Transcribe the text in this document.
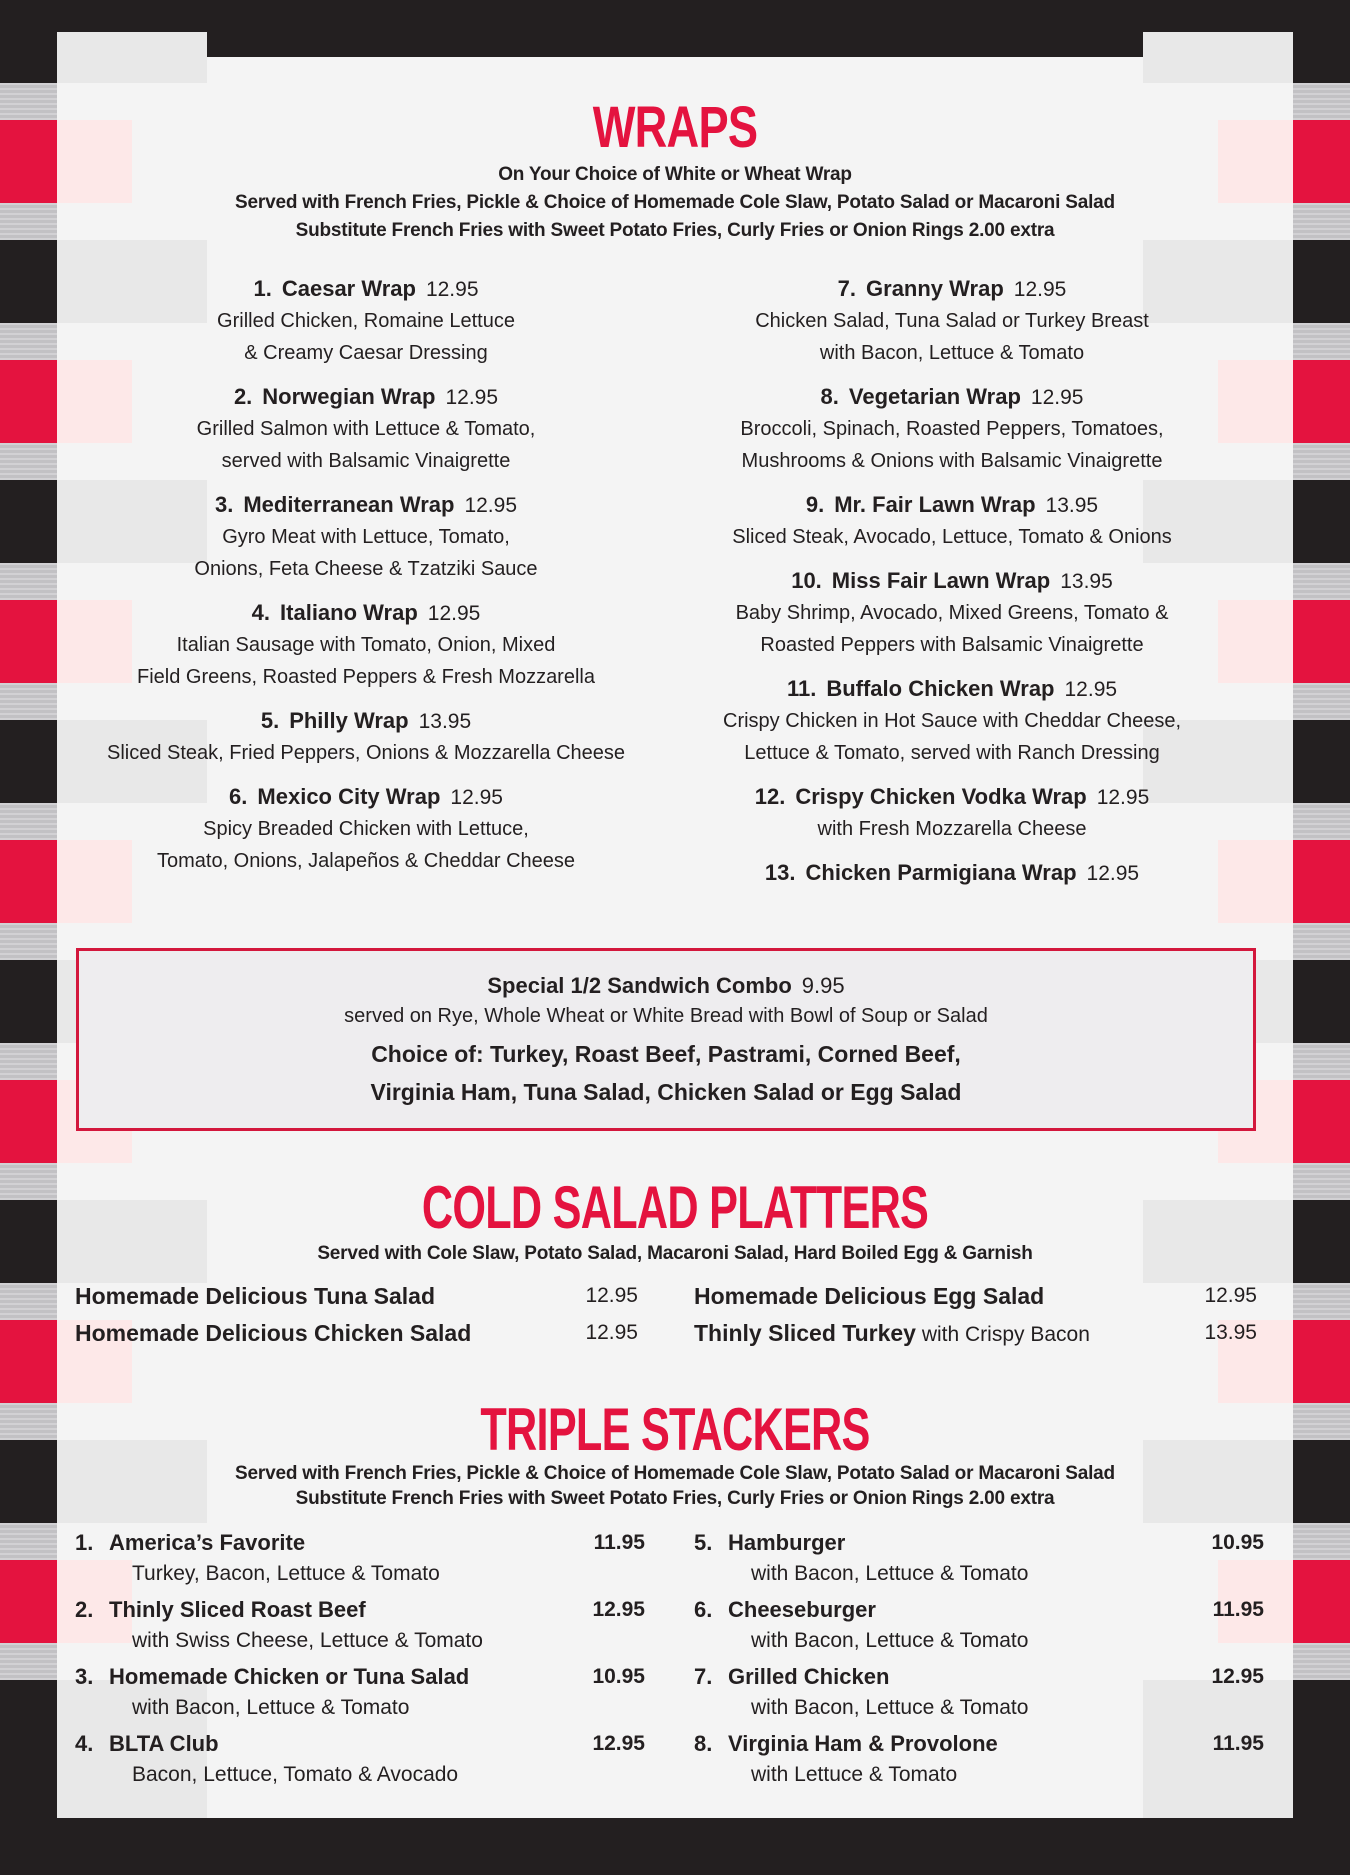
WRAPS
On Your Choice of White or Wheat Wrap
Served with French Fries, Pickle & Choice of Homemade Cole Slaw, Potato Salad or Macaroni Salad
Substitute French Fries with Sweet Potato Fries, Curly Fries or Onion Rings 2.00 extra
1. Caesar Wrap 12.95
Grilled Chicken, Romaine Lettuce
& Creamy Caesar Dressing
2. Norwegian Wrap 12.95
Grilled Salmon with Lettuce & Tomato,
served with Balsamic Vinaigrette
3. Mediterranean Wrap 12.95
Gyro Meat with Lettuce, Tomato,
Onions, Feta Cheese & Tzatziki Sauce
4. Italiano Wrap 12.95
Italian Sausage with Tomato, Onion, Mixed
Field Greens, Roasted Peppers & Fresh Mozzarella
5. Philly Wrap 13.95
Sliced Steak, Fried Peppers, Onions & Mozzarella Cheese
6. Mexico City Wrap 12.95
Spicy Breaded Chicken with Lettuce,
Tomato, Onions, Jalapeños & Cheddar Cheese
7. Granny Wrap 12.95
Chicken Salad, Tuna Salad or Turkey Breast
with Bacon, Lettuce & Tomato
8. Vegetarian Wrap 12.95
Broccoli, Spinach, Roasted Peppers, Tomatoes,
Mushrooms & Onions with Balsamic Vinaigrette
9. Mr. Fair Lawn Wrap 13.95
Sliced Steak, Avocado, Lettuce, Tomato & Onions
10. Miss Fair Lawn Wrap 13.95
Baby Shrimp, Avocado, Mixed Greens, Tomato &
Roasted Peppers with Balsamic Vinaigrette
11. Buffalo Chicken Wrap 12.95
Crispy Chicken in Hot Sauce with Cheddar Cheese,
Lettuce & Tomato, served with Ranch Dressing
12. Crispy Chicken Vodka Wrap 12.95
with Fresh Mozzarella Cheese
13. Chicken Parmigiana Wrap 12.95
Special 1/2 Sandwich Combo 9.95
served on Rye, Whole Wheat or White Bread with Bowl of Soup or Salad
Choice of: Turkey, Roast Beef, Pastrami, Corned Beef,
Virginia Ham, Tuna Salad, Chicken Salad or Egg Salad
COLD SALAD PLATTERS
Served with Cole Slaw, Potato Salad, Macaroni Salad, Hard Boiled Egg & Garnish
Homemade Delicious Tuna Salad	12.95
Homemade Delicious Chicken Salad	12.95
Homemade Delicious Egg Salad	12.95
Thinly Sliced Turkey with Crispy Bacon	13.95
TRIPLE STACKERS
Served with French Fries, Pickle & Choice of Homemade Cole Slaw, Potato Salad or Macaroni Salad
Substitute French Fries with Sweet Potato Fries, Curly Fries or Onion Rings 2.00 extra
1. America’s Favorite	11.95
Turkey, Bacon, Lettuce & Tomato
2. Thinly Sliced Roast Beef	12.95
with Swiss Cheese, Lettuce & Tomato
3. Homemade Chicken or Tuna Salad	10.95
with Bacon, Lettuce & Tomato
4. BLTA Club	12.95
Bacon, Lettuce, Tomato & Avocado
5. Hamburger	10.95
with Bacon, Lettuce & Tomato
6. Cheeseburger	11.95
with Bacon, Lettuce & Tomato
7. Grilled Chicken	12.95
with Bacon, Lettuce & Tomato
8. Virginia Ham & Provolone	11.95
with Lettuce & Tomato
